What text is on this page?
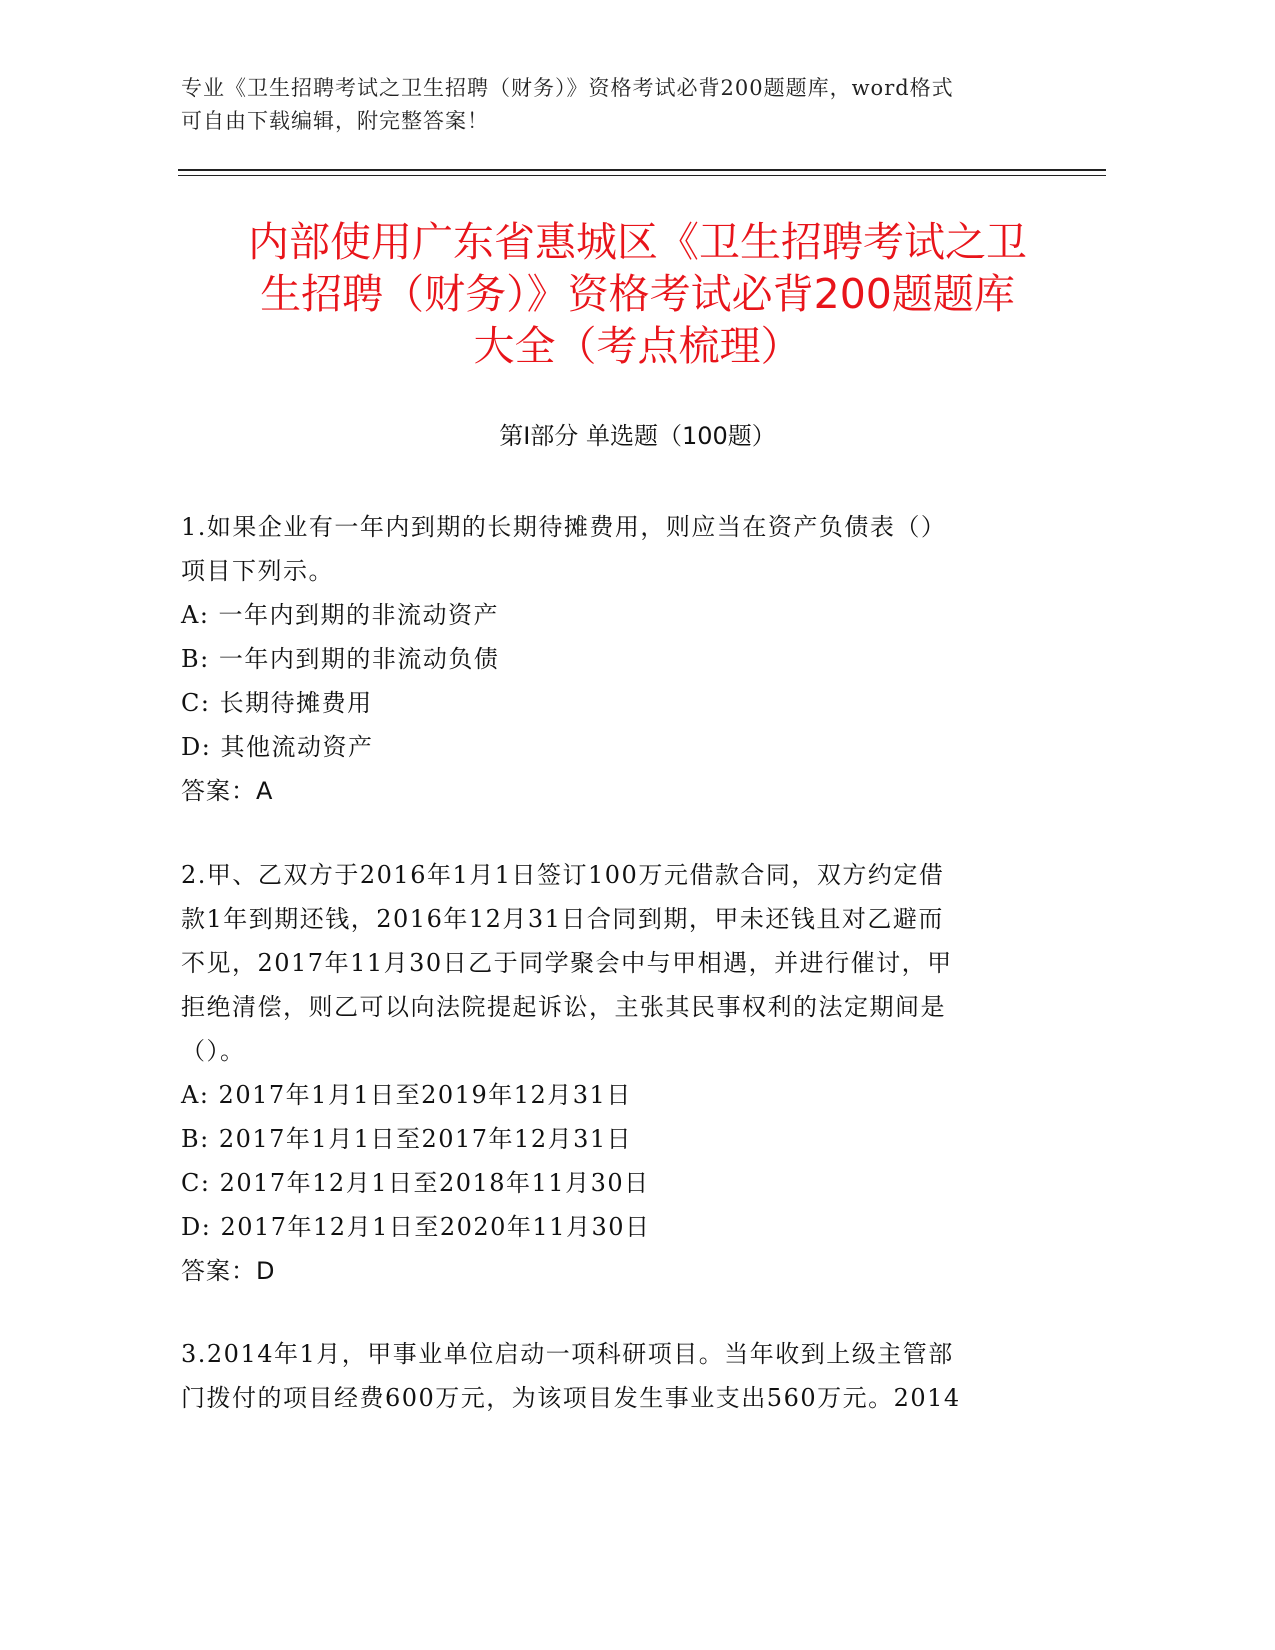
专业《卫生招聘考试之卫生招聘（财务）》资格考试必背200题题库，word格式
可自由下载编辑，附完整答案！
内部使用广东省惠城区《卫生招聘考试之卫
生招聘（财务）》资格考试必背200题题库
大全（考点梳理）
第I部分 单选题（100题）
1.如果企业有一年内到期的长期待摊费用，则应当在资产负债表（）
项目下列示。
A: 一年内到期的非流动资产
B: 一年内到期的非流动负债
C: 长期待摊费用
D: 其他流动资产
答案：A
2.甲、乙双方于2016年1月1日签订100万元借款合同，双方约定借
款1年到期还钱，2016年12月31日合同到期，甲未还钱且对乙避而
不见，2017年11月30日乙于同学聚会中与甲相遇，并进行催讨，甲
拒绝清偿，则乙可以向法院提起诉讼，主张其民事权利的法定期间是
（）。
A: 2017年1月1日至2019年12月31日
B: 2017年1月1日至2017年12月31日
C: 2017年12月1日至2018年11月30日
D: 2017年12月1日至2020年11月30日
答案：D
3.2014年1月，甲事业单位启动一项科研项目。当年收到上级主管部
门拨付的项目经费600万元，为该项目发生事业支出560万元。2014
